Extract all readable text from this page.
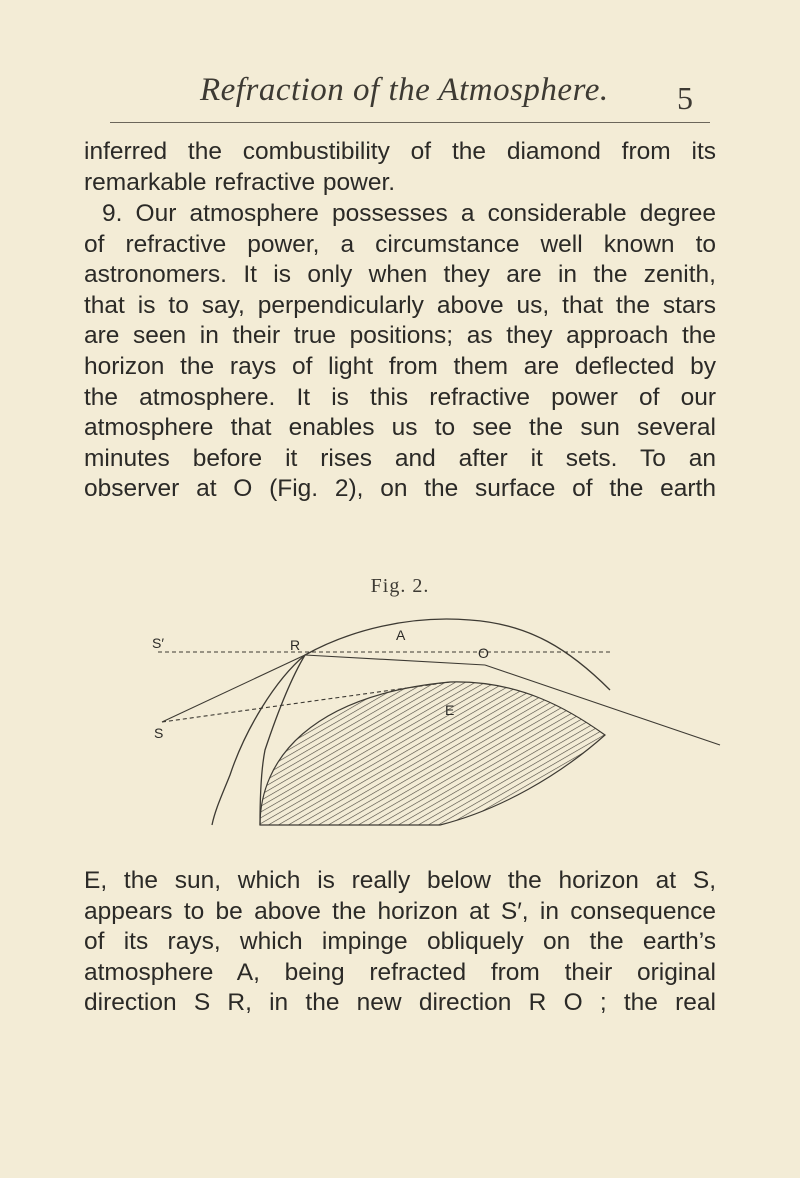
Refraction of the Atmosphere. 5

inferred the combustibility of the diamond from its
remarkable refractive power.

9. Our atmosphere possesses a considerable degree
of refractive power, a circumstance well known to
astronomers. It is only when they are in the zenith,
that is to say, perpendicularly above us, that the stars
are seen in their true positions; as they approach the
horizon the rays of light from them are deflected by
the atmosphere. It is this refractive power of our
atmosphere that enables us to see the sun several
minutes before it rises and after it sets. To an
observer at O (Fig. 2), on the surface of the earth

Fig. 2.
S′
S
R
A
O
E

E, the sun, which is really below the horizon at S,
appears to be above the horizon at S′, in consequence
of its rays, which impinge obliquely on the earth’s
atmosphere A, being refracted from their original
direction S R, in the new direction R O ; the real
